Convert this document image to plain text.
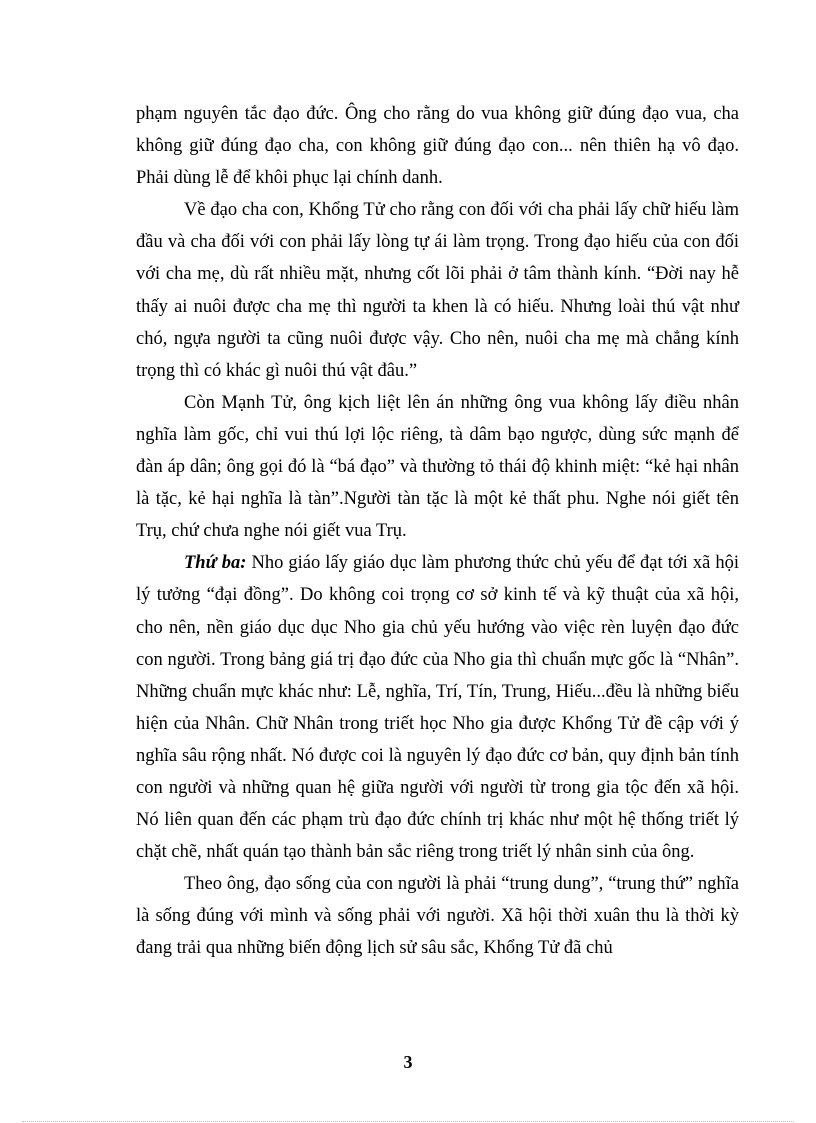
phạm nguyên tắc đạo đức. Ông cho rằng do vua không giữ đúng đạo vua, cha không giữ đúng đạo cha, con không giữ đúng đạo con... nên thiên hạ vô đạo. Phải dùng lễ để khôi phục lại chính danh.

Về đạo cha con, Khổng Tử cho rằng con đối với cha phải lấy chữ hiếu làm đầu và cha đối với con phải lấy lòng tự ái làm trọng. Trong đạo hiếu của con đối với cha mẹ, dù rất nhiều mặt, nhưng cốt lõi phải ở tâm thành kính. “Đời nay hễ thấy ai nuôi được cha mẹ thì người ta khen là có hiếu. Nhưng loài thú vật như chó, ngựa người ta cũng nuôi được vậy. Cho nên, nuôi cha mẹ mà chẳng kính trọng thì có khác gì nuôi thú vật đâu.”

Còn Mạnh Tử, ông kịch liệt lên án những ông vua không lấy điều nhân nghĩa làm gốc, chỉ vui thú lợi lộc riêng, tà dâm bạo ngược, dùng sức mạnh để đàn áp dân; ông gọi đó là “bá đạo” và thường tỏ thái độ khinh miệt: “kẻ hại nhân là tặc, kẻ hại nghĩa là tàn”.Người tàn tặc là một kẻ thất phu. Nghe nói giết tên Trụ, chứ chưa nghe nói giết vua Trụ.

Thứ ba: Nho giáo lấy giáo dục làm phương thức chủ yếu để đạt tới xã hội lý tưởng “đại đồng”. Do không coi trọng cơ sở kinh tế và kỹ thuật của xã hội, cho nên, nền giáo dục dục Nho gia chủ yếu hướng vào việc rèn luyện đạo đức con người. Trong bảng giá trị đạo đức của Nho gia thì chuẩn mực gốc là “Nhân”. Những chuẩn mực khác như: Lễ, nghĩa, Trí, Tín, Trung, Hiếu...đều là những biểu hiện của Nhân. Chữ Nhân trong triết học Nho gia được Khổng Tử đề cập với ý nghĩa sâu rộng nhất. Nó được coi là nguyên lý đạo đức cơ bản, quy định bản tính con người và những quan hệ giữa người với người từ trong gia tộc đến xã hội. Nó liên quan đến các phạm trù đạo đức chính trị khác như một hệ thống triết lý chặt chẽ, nhất quán tạo thành bản sắc riêng trong triết lý nhân sinh của ông.

Theo ông, đạo sống của con người là phải “trung dung”, “trung thứ” nghĩa là sống đúng với mình và sống phải với người. Xã hội thời xuân thu là thời kỳ đang trải qua những biến động lịch sử sâu sắc, Khổng Tử đã chủ

3
